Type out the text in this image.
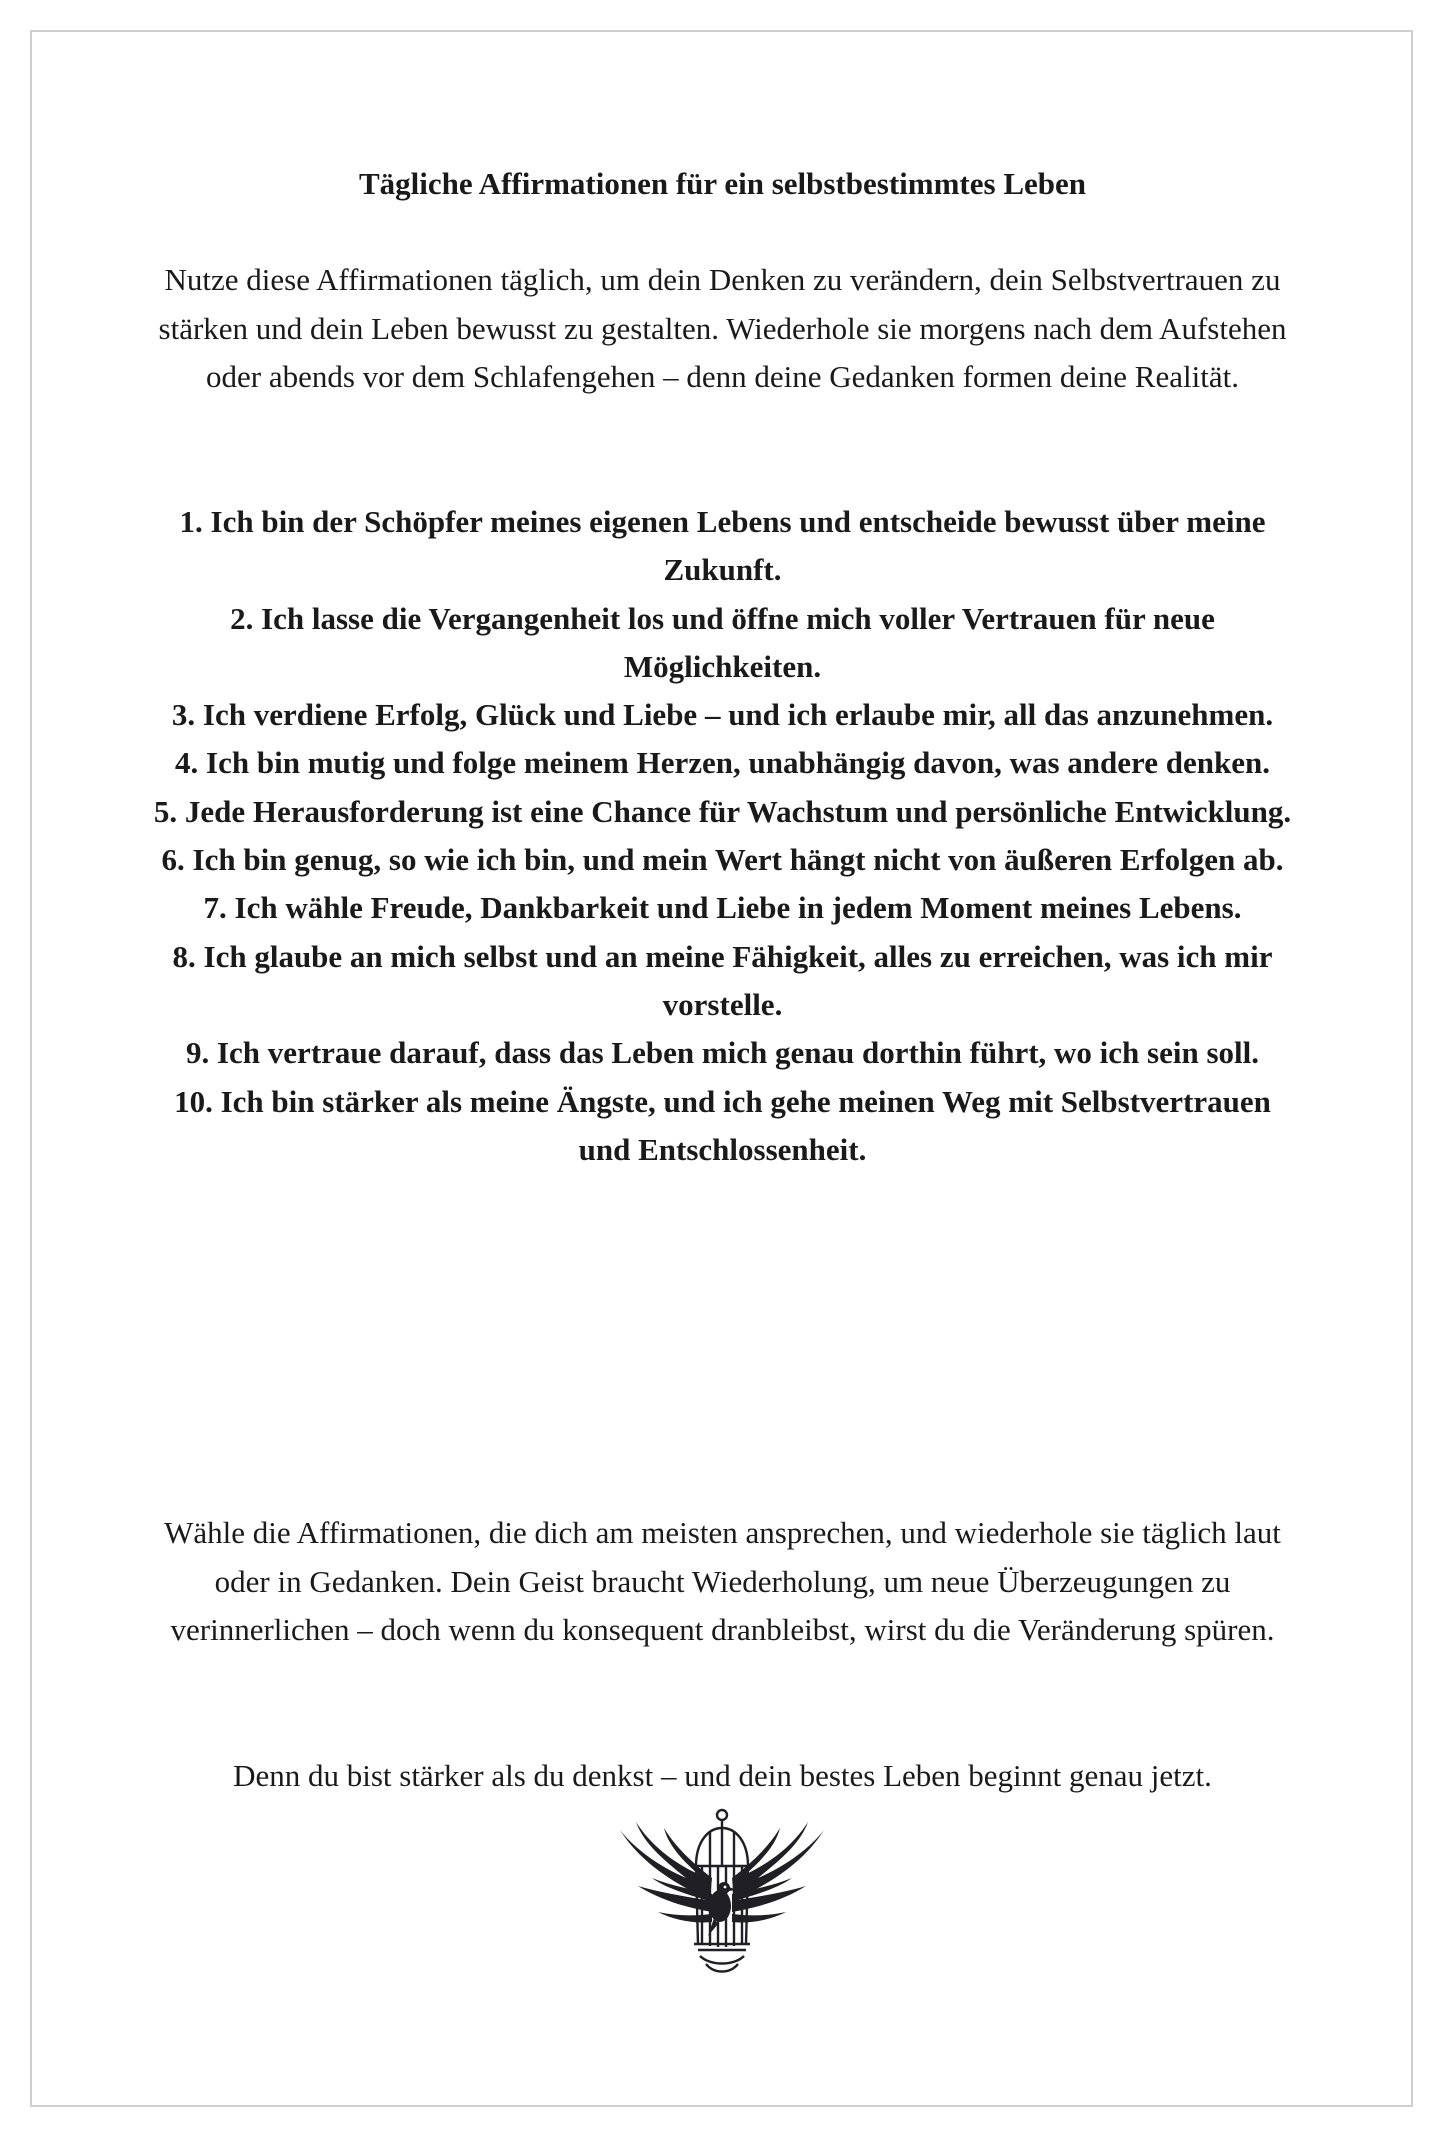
Tägliche Affirmationen für ein selbstbestimmtes Leben

Nutze diese Affirmationen täglich, um dein Denken zu verändern, dein Selbstvertrauen zu stärken und dein Leben bewusst zu gestalten. Wiederhole sie morgens nach dem Aufstehen oder abends vor dem Schlafengehen – denn deine Gedanken formen deine Realität.

1. Ich bin der Schöpfer meines eigenen Lebens und entscheide bewusst über meine Zukunft.
2. Ich lasse die Vergangenheit los und öffne mich voller Vertrauen für neue Möglichkeiten.
3. Ich verdiene Erfolg, Glück und Liebe – und ich erlaube mir, all das anzunehmen.
4. Ich bin mutig und folge meinem Herzen, unabhängig davon, was andere denken.
5. Jede Herausforderung ist eine Chance für Wachstum und persönliche Entwicklung.
6. Ich bin genug, so wie ich bin, und mein Wert hängt nicht von äußeren Erfolgen ab.
7. Ich wähle Freude, Dankbarkeit und Liebe in jedem Moment meines Lebens.
8. Ich glaube an mich selbst und an meine Fähigkeit, alles zu erreichen, was ich mir vorstelle.
9. Ich vertraue darauf, dass das Leben mich genau dorthin führt, wo ich sein soll.
10. Ich bin stärker als meine Ängste, und ich gehe meinen Weg mit Selbstvertrauen und Entschlossenheit.

Wähle die Affirmationen, die dich am meisten ansprechen, und wiederhole sie täglich laut oder in Gedanken. Dein Geist braucht Wiederholung, um neue Überzeugungen zu verinnerlichen – doch wenn du konsequent dranbleibst, wirst du die Veränderung spüren.

Denn du bist stärker als du denkst – und dein bestes Leben beginnt genau jetzt.
